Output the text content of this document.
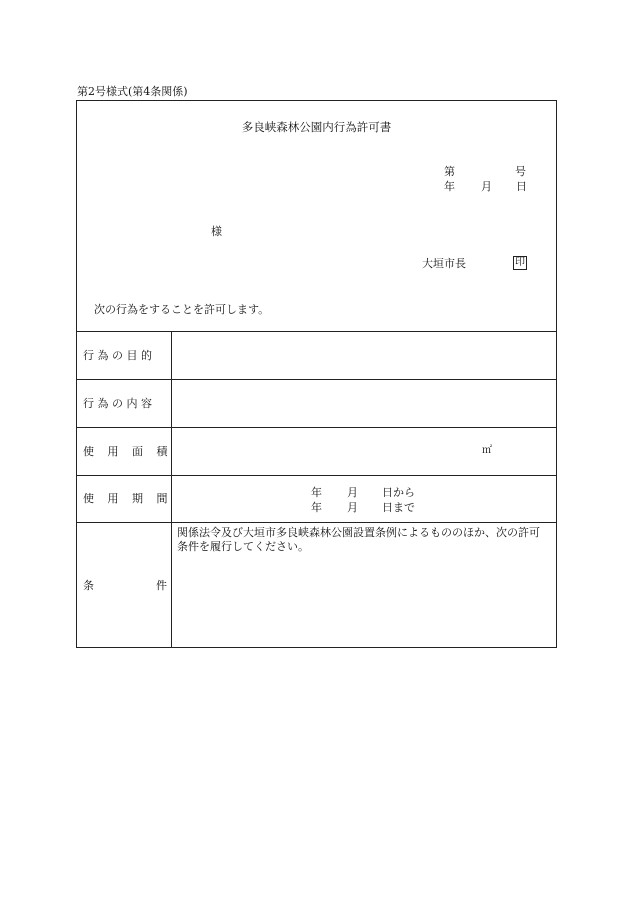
第2号様式(第4条関係)
多良峡森林公園内行為許可書
第	号
年 月 日
様
大垣市長	印
次の行為をすることを許可します。
行 為 の 目 的
行 為 の 内 容
使 用 面 積	㎡
使 用 期 間	年 月 日から
年 月 日まで
条	件
関係法令及び大垣市多良峡森林公園設置条例によるもののほか、次の許可条件を履行してください。
